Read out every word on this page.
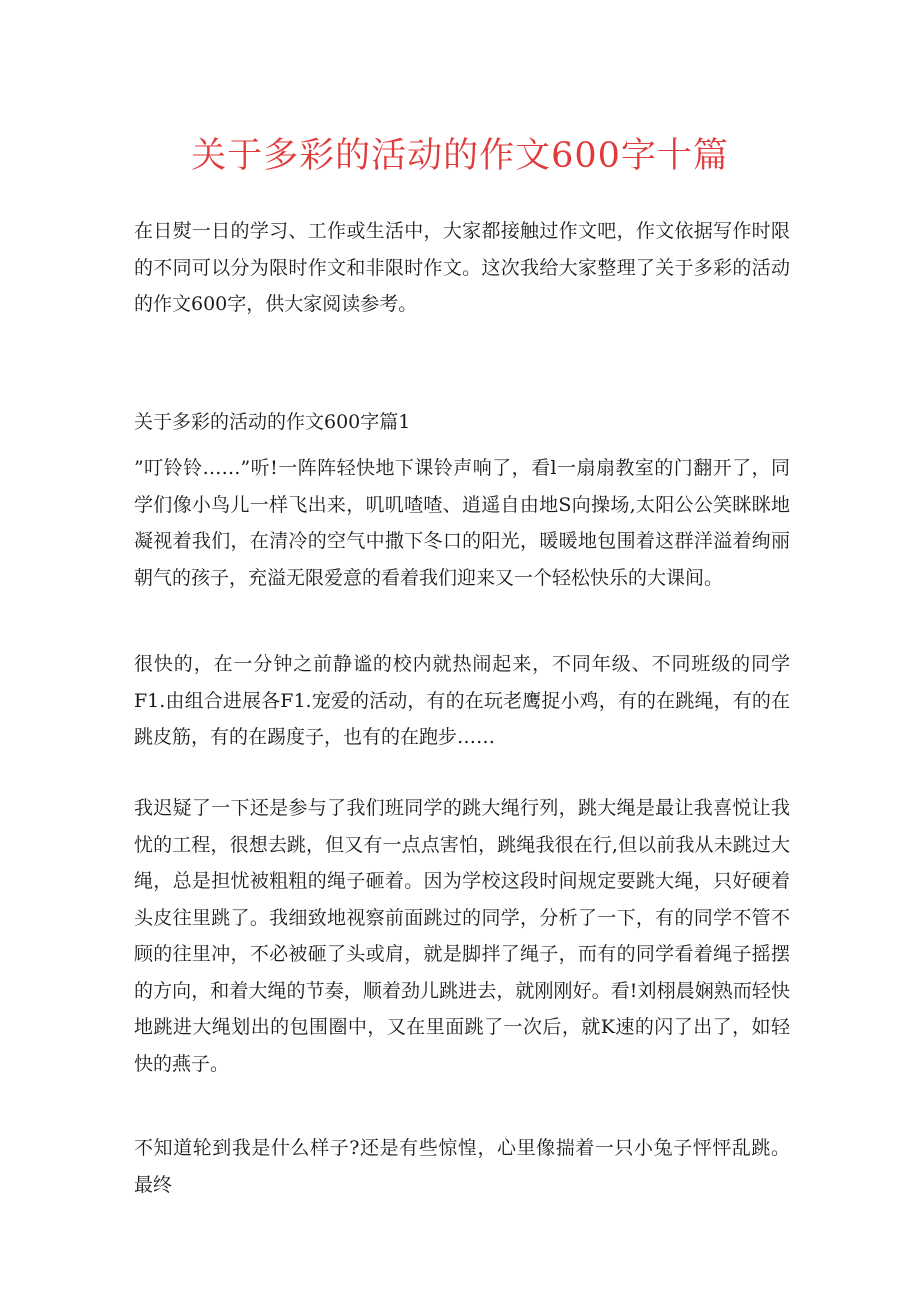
关于多彩的活动的作文600字十篇

在日熨一日的学习、工作或生活中，大家都接触过作文吧，作文依据写作时限的不同可以分为限时作文和非限时作文。这次我给大家整理了关于多彩的活动的作文600字，供大家阅读参考。

关于多彩的活动的作文600字篇1

”叮铃铃……”听!一阵阵轻快地下课铃声响了，看l一扇扇教室的门翻开了，同学们像小鸟儿一样飞出来，叽叽喳喳、逍遥自由地S向操场,太阳公公笑眯眯地凝视着我们，在清冷的空气中撒下冬口的阳光，暖暖地包围着这群洋溢着绚丽朝气的孩子，充溢无限爱意的看着我们迎来又一个轻松快乐的大课间。

很快的，在一分钟之前静谧的校内就热闹起来，不同年级、不同班级的同学F1.由组合进展各F1.宠爱的活动，有的在玩老鹰捉小鸡，有的在跳绳，有的在跳皮筋，有的在踢度子，也有的在跑步……

我迟疑了一下还是参与了我们班同学的跳大绳行列，跳大绳是最让我喜悦让我忧的工程，很想去跳，但又有一点点害怕，跳绳我很在行,但以前我从未跳过大绳，总是担忧被粗粗的绳子砸着。因为学校这段时间规定要跳大绳，只好硬着头皮往里跳了。我细致地视察前面跳过的同学，分析了一下，有的同学不管不顾的往里冲，不必被砸了头或肩，就是脚拌了绳子，而有的同学看着绳子摇摆的方向，和着大绳的节奏，顺着劲儿跳进去，就刚刚好。看!刘栩晨娴熟而轻快地跳进大绳划出的包围圈中，又在里面跳了一次后，就K速的闪了出了，如轻快的燕子。

不知道轮到我是什么样子?还是有些惊惶，心里像揣着一只小兔子怦怦乱跳。最终
